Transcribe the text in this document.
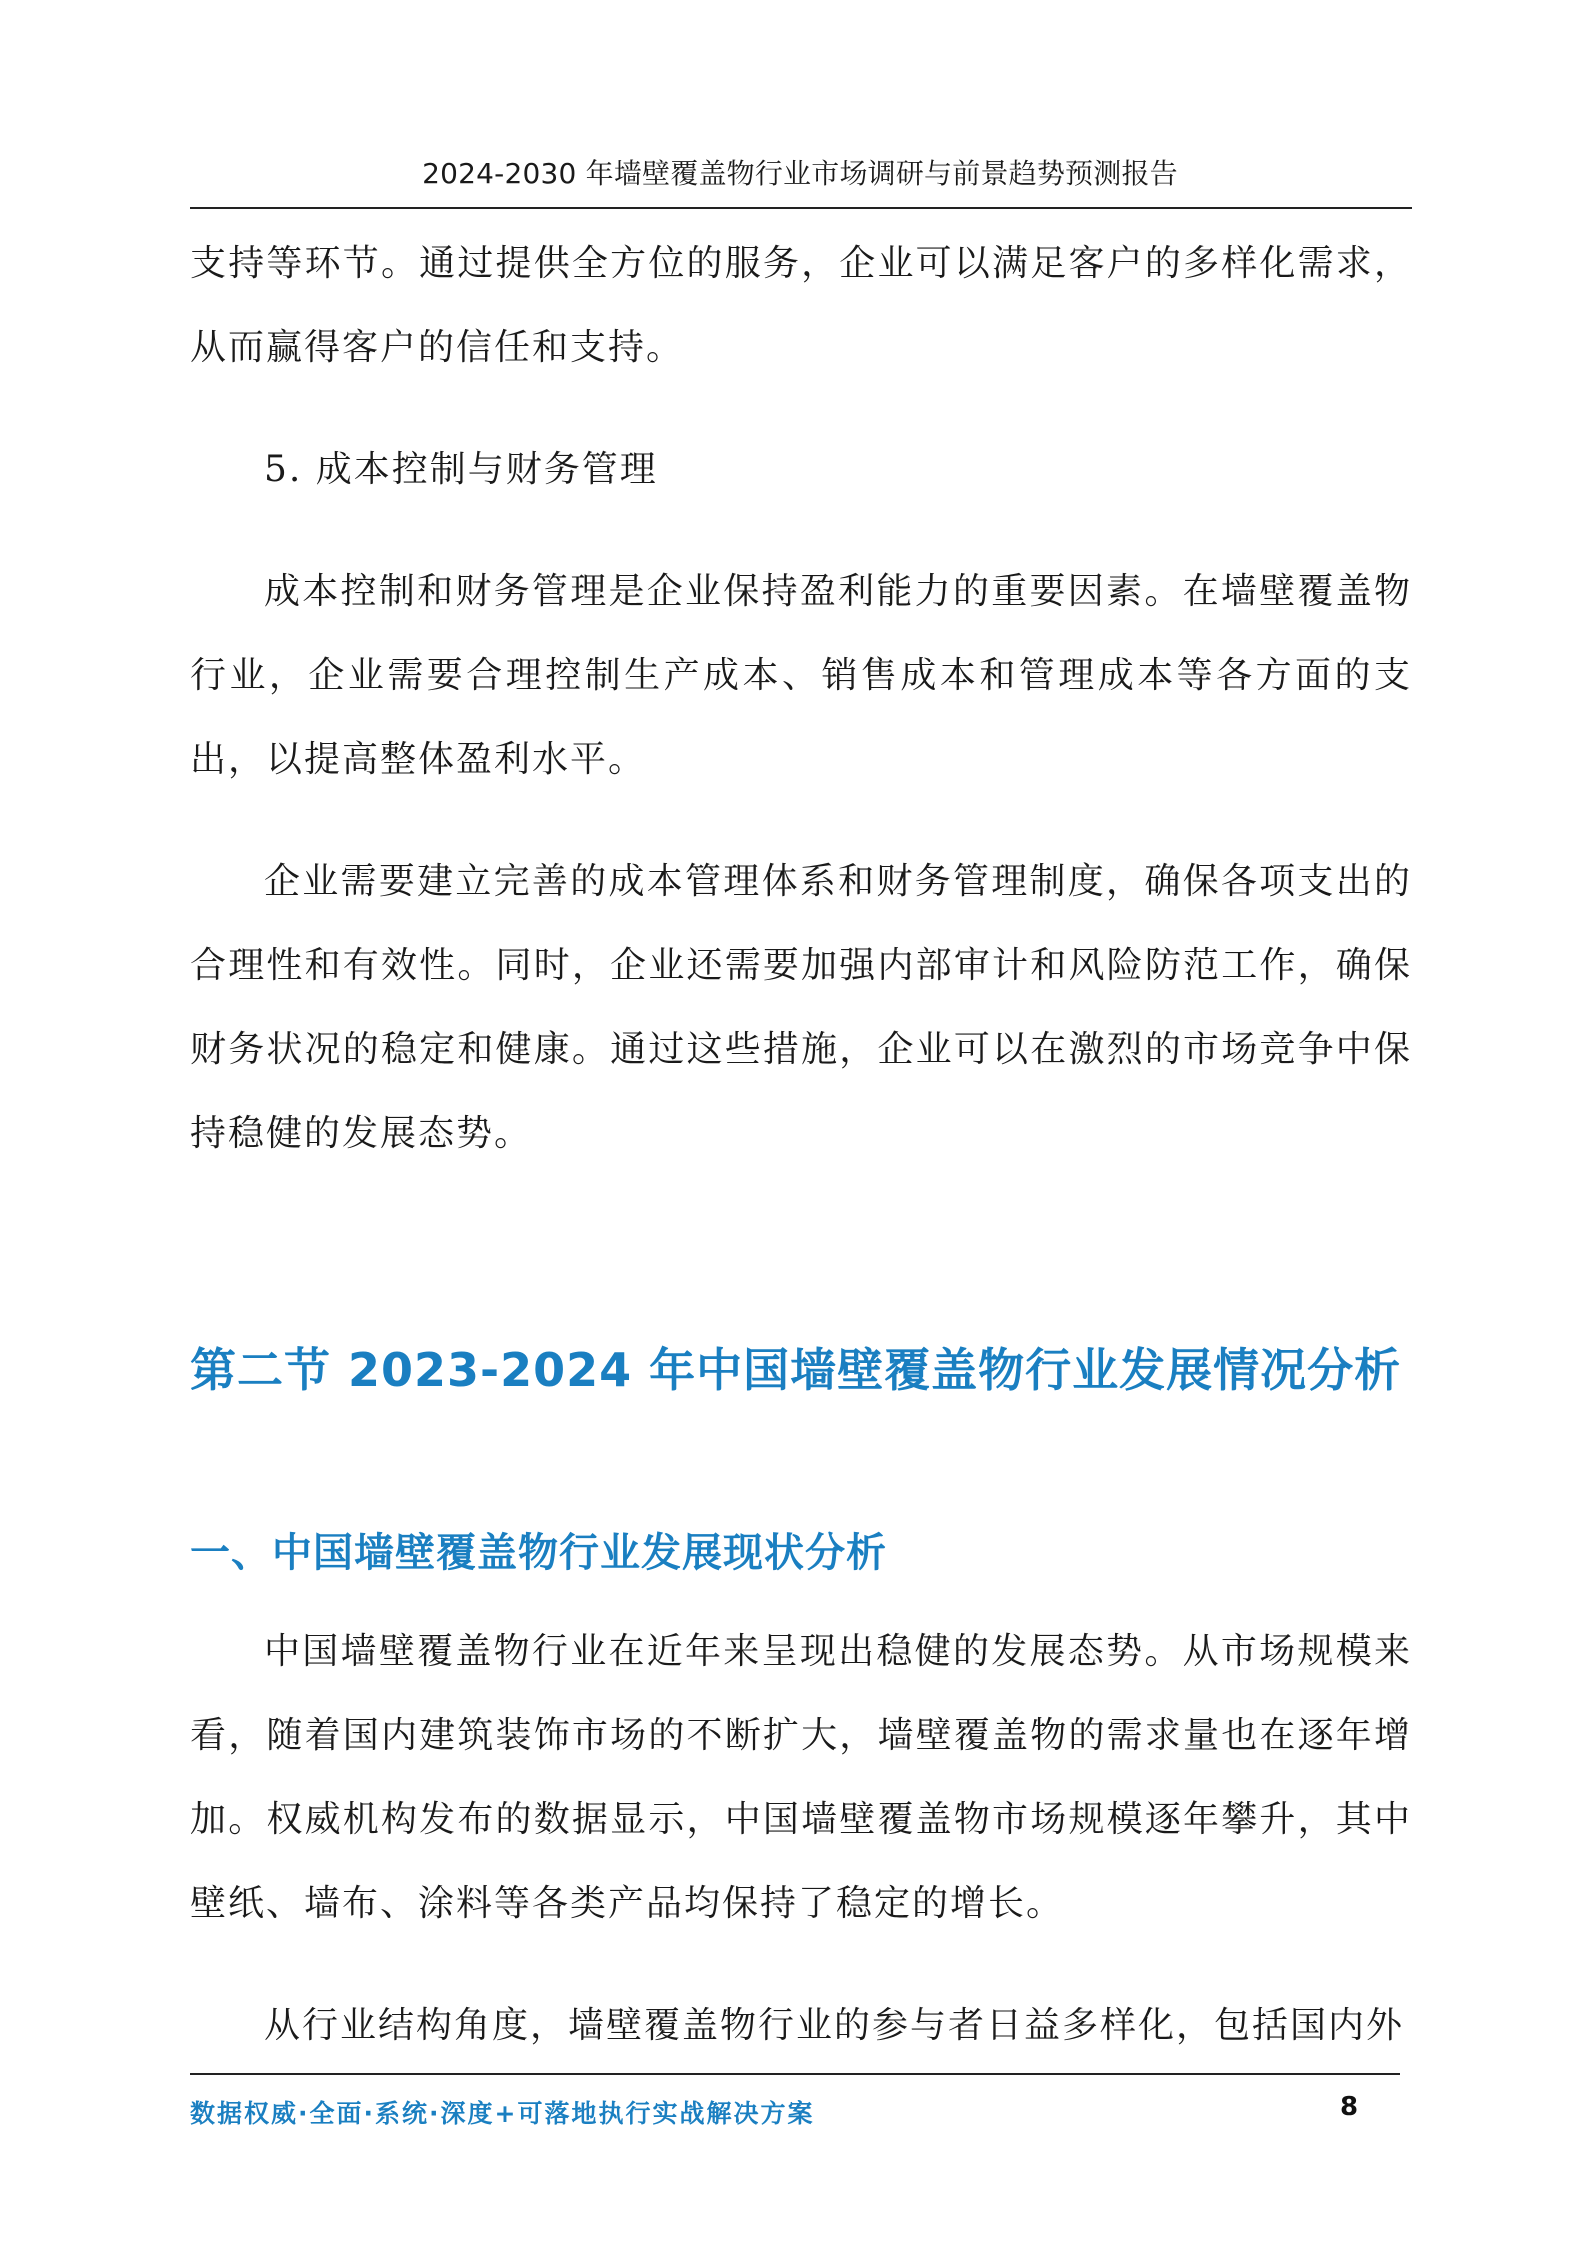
2024-2030 年墙壁覆盖物行业市场调研与前景趋势预测报告

支持等环节。通过提供全方位的服务，企业可以满足客户的多样化需求，从而赢得客户的信任和支持。

5. 成本控制与财务管理

成本控制和财务管理是企业保持盈利能力的重要因素。在墙壁覆盖物行业，企业需要合理控制生产成本、销售成本和管理成本等各方面的支出，以提高整体盈利水平。

企业需要建立完善的成本管理体系和财务管理制度，确保各项支出的合理性和有效性。同时，企业还需要加强内部审计和风险防范工作，确保财务状况的稳定和健康。通过这些措施，企业可以在激烈的市场竞争中保持稳健的发展态势。

第二节 2023-2024 年中国墙壁覆盖物行业发展情况分析
一、中国墙壁覆盖物行业发展现状分析

中国墙壁覆盖物行业在近年来呈现出稳健的发展态势。从市场规模来看，随着国内建筑装饰市场的不断扩大，墙壁覆盖物的需求量也在逐年增加。权威机构发布的数据显示，中国墙壁覆盖物市场规模逐年攀升，其中壁纸、墙布、涂料等各类产品均保持了稳定的增长。

从行业结构角度，墙壁覆盖物行业的参与者日益多样化，包括国内外

数据权威·全面·系统·深度+可落地执行实战解决方案	8
